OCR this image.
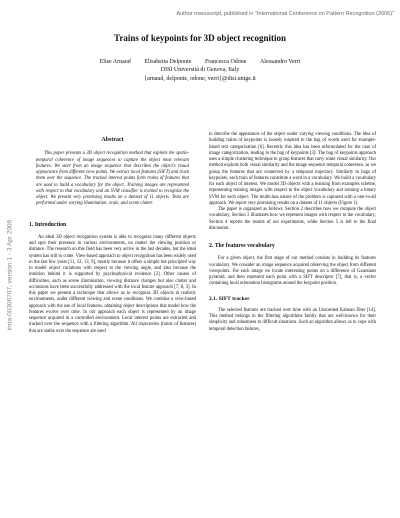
Author manuscript, published in "International Conference on Pattern Recognition (2006)"
inria-00306707, version 1 - 3 Apr 2009
Trains of keypoints for 3D object recognition
Elise Arnaud Elisabetta Delponte Francesca Odone Alessandro Verri
DISI Università di Genova, Italy
{arnaud, delponte, odone, verri}@disi.unige.it
Abstract

This paper presents a 3D object recognition method that exploits the spatio-temporal coherence of image sequences to capture the object most relevant features. We start from an image sequence that describes the object's visual appearance from different view points. We extract local features (SIFT) and track them over the sequence. The tracked interest points form trains of features that are used to build a vocabulary for the object. Training images are represented with respect to that vocabulary and an SVM classifier is trained to recognize the object. We present very promising results on a dataset of 11 objects. Tests are performed under varying illumination, scale, and scene clutter.

1. Introduction

An ideal 3D object recognition system is able to recognize many different objects and spot their presence in various environments, no matter the viewing position or distance. The research on this field has been very active in the last decades, but the ideal system has still to come. View-based approach to object recognition has been widely used in the last few years [11, 12, 13, 9], mostly because it offers a simple but principled way to model object variations with respect to the viewing angle, and also because the intuition behind it is supported by psychophysical evidence [2]. Other causes of difficulties, such as scene illumination, viewing distance changes but also clutter and occlusions have been successfully addressed with the local feature approach [7, 8, 3]. In this paper we present a technique that allows us to recognize 3D objects in realistic environments, under different viewing and scene conditions. We combine a view-based approach with the use of local features, obtaining object descriptions that model how the features evolve over time. In our approach each object is represented by an image sequence acquired in a controlled environment. Local interest points are extracted and tracked over the sequence with a filtering algorithm. All trajectories (trains of features) that are stable over the sequence are used

to describe the appearance of the object under varying viewing conditions. The idea of building trains of keypoints is loosely inspired to the bag of words used for example-based text categorization [6]. Recently this idea has been reformulated for the case of image categorization, leading to the bag of keypoints [3]. The bag of keypoints approach uses a simple clustering technique to group features that carry some visual similarity. Our method exploits both visual similarity and the image sequence temporal coherence, as we group the features that are connected by a temporal trajectory. Similarly to bags of keypoints, each train of features constitute a word in a vocabulary. We build a vocabulary for each object of interest. We model 3D objects with a learning from examples scheme, representing training images with respect to the object vocabulary and training a binary SVM for each object. The multiclass nature of the problem is captured with a one-vs-all approach. We report very promising results on a dataset of 11 objects (Figure 1).

The paper is organized as follows. Section 2 describes how we compute the object vocabulary, Section 3 illustrates how we represent images with respect to the vocabulary, Section 4 reports the results of our experiments, while Section 5 is left to the final discussion.

2. The features vocabulary

For a given object, the first stage of our method consists in building its features vocabulary. We consider an image sequence acquired observing the object from different viewpoints. For each image we locate interesting points on a difference of Gaussians pyramid, and then represent each point with a SIFT descriptor [7], that is, a vector containing local orientation histograms around the keypoint position.

2.1. SIFT tracker

The selected features are tracked over time with an Unscented Kalman filter [14]. This method belongs to the filtering algorithms family that are well-known for their simplicity and robustness to difficult situations. Such an algorithm allows us to cope with temporal detection failures,
